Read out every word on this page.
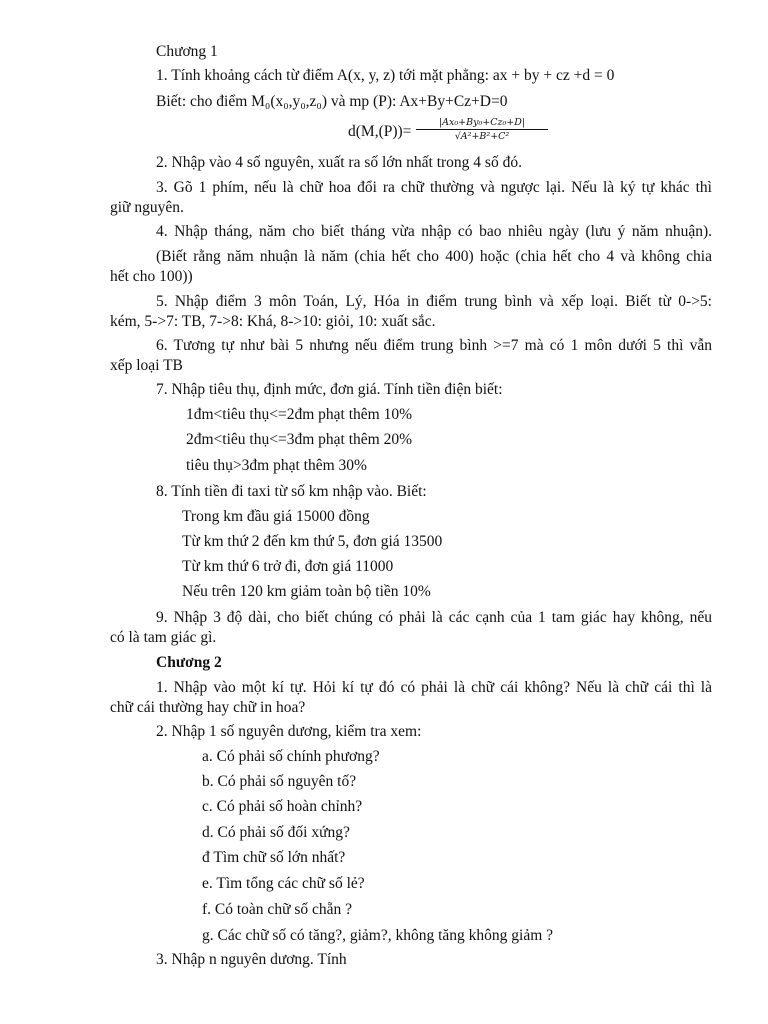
Chương 1
1. Tính khoảng cách từ điểm A(x, y, z) tới mặt phẳng: ax + by + cz +d = 0
Biết: cho điểm M₀(x₀,y₀,z₀) và mp (P): Ax+By+Cz+D=0
$d(M,(P))= \frac{\text{|Ax₀+By₀+Cz₀+D|}}{\text{√A²+B²+C²}}$
2. Nhập vào 4 số nguyên, xuất ra số lớn nhất trong 4 số đó.
3. Gõ 1 phím, nếu là chữ hoa đổi ra chữ thường và ngược lại. Nếu là ký tự khác thì
giữ nguyên.
4. Nhập tháng, năm cho biết tháng vừa nhập có bao nhiêu ngày (lưu ý năm nhuận).
(Biết rằng năm nhuận là năm (chia hết cho 400) hoặc (chia hết cho 4 và không chia
hết cho 100))
5. Nhập điểm 3 môn Toán, Lý, Hóa in điểm trung bình và xếp loại. Biết từ 0->5:
kém, 5->7: TB, 7->8: Khá, 8->10: giỏi, 10: xuất sắc.
6. Tương tự như bài 5 nhưng nếu điểm trung bình >=7 mà có 1 môn dưới 5 thì vẫn
xếp loại TB
7. Nhập tiêu thụ, định mức, đơn giá. Tính tiền điện biết:
1đm<tiêu thụ<=2đm phạt thêm 10%
2đm<tiêu thụ<=3đm phạt thêm 20%
tiêu thụ>3đm phạt thêm 30%
8. Tính tiền đi taxi từ số km nhập vào. Biết:
Trong km đầu giá 15000 đồng
Từ km thứ 2 đến km thứ 5, đơn giá 13500
Từ km thứ 6 trở đi, đơn giá 11000
Nếu trên 120 km giảm toàn bộ tiền 10%
9. Nhập 3 độ dài, cho biết chúng có phải là các cạnh của 1 tam giác hay không, nếu
có là tam giác gì.
Chương 2
1. Nhập vào một kí tự. Hỏi kí tự đó có phải là chữ cái không? Nếu là chữ cái thì là
chữ cái thường hay chữ in hoa?
2. Nhập 1 số nguyên dương, kiểm tra xem:
a. Có phải số chính phương?
b. Có phải số nguyên tố?
c. Có phải số hoàn chỉnh?
d. Có phải số đối xứng?
đ Tìm chữ số lớn nhất?
e. Tìm tổng các chữ số lẻ?
f. Có toàn chữ số chẵn ?
g. Các chữ số có tăng?, giảm?, không tăng không giảm ?
3. Nhập n nguyên dương. Tính
